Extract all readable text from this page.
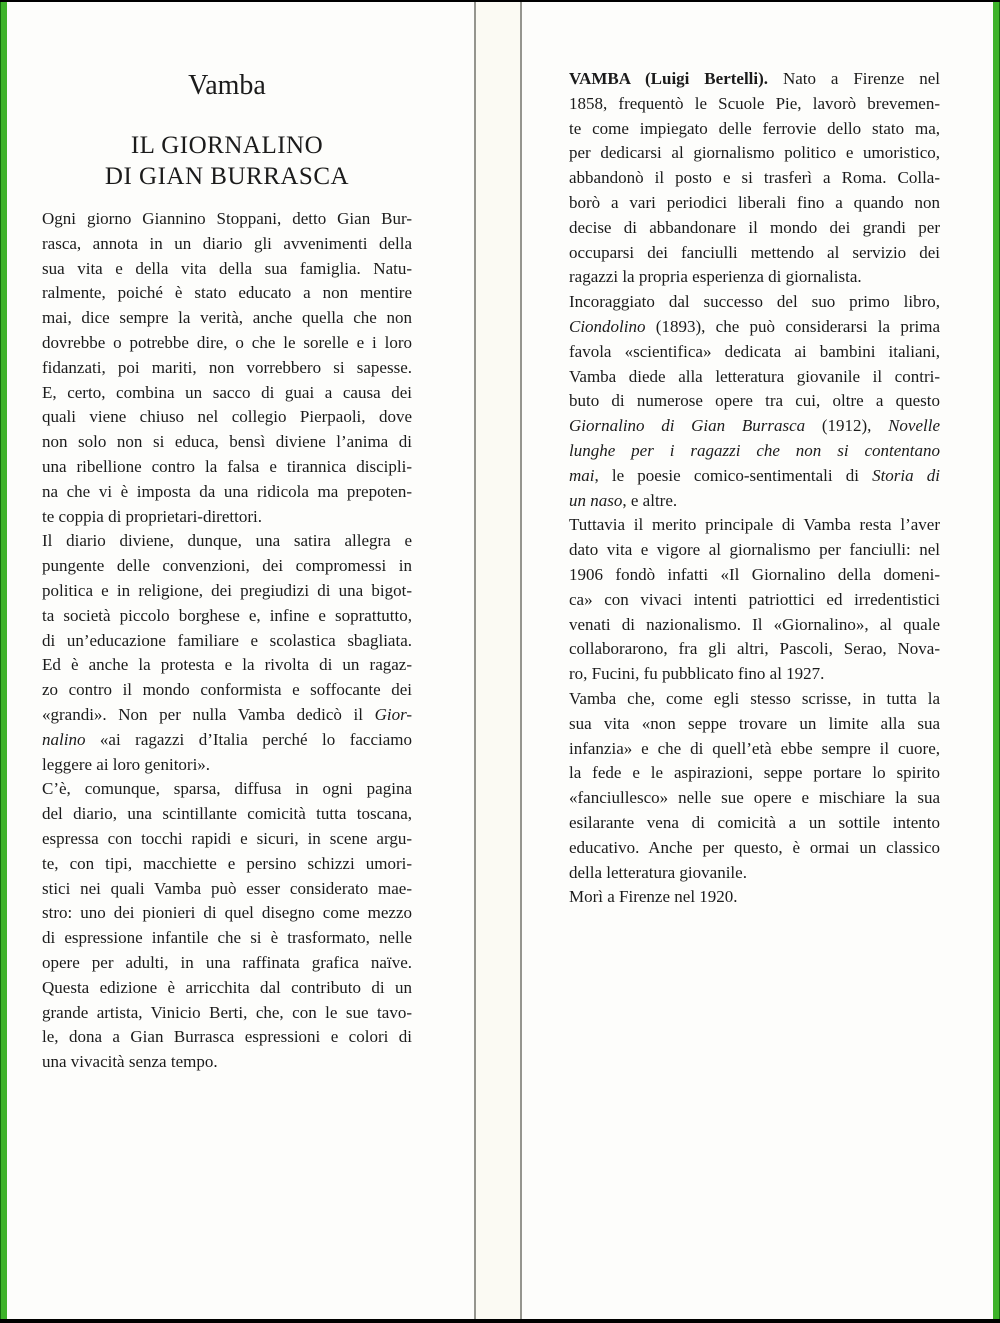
Vamba
IL GIORNALINO
DI GIAN BURRASCA
Ogni giorno Giannino Stoppani, detto Gian Bur-
rasca, annota in un diario gli avvenimenti della
sua vita e della vita della sua famiglia. Natu-
ralmente, poiché è stato educato a non mentire
mai, dice sempre la verità, anche quella che non
dovrebbe o potrebbe dire, o che le sorelle e i loro
fidanzati, poi mariti, non vorrebbero si sapesse.
E, certo, combina un sacco di guai a causa dei
quali viene chiuso nel collegio Pierpaoli, dove
non solo non si educa, bensì diviene l’anima di
una ribellione contro la falsa e tirannica discipli-
na che vi è imposta da una ridicola ma prepoten-
te coppia di proprietari-direttori.
Il diario diviene, dunque, una satira allegra e
pungente delle convenzioni, dei compromessi in
politica e in religione, dei pregiudizi di una bigot-
ta società piccolo borghese e, infine e soprattutto,
di un’educazione familiare e scolastica sbagliata.
Ed è anche la protesta e la rivolta di un ragaz-
zo contro il mondo conformista e soffocante dei
«grandi». Non per nulla Vamba dedicò il Gior-
nalino «ai ragazzi d’Italia perché lo facciamo
leggere ai loro genitori».
C’è, comunque, sparsa, diffusa in ogni pagina
del diario, una scintillante comicità tutta toscana,
espressa con tocchi rapidi e sicuri, in scene argu-
te, con tipi, macchiette e persino schizzi umori-
stici nei quali Vamba può esser considerato mae-
stro: uno dei pionieri di quel disegno come mezzo
di espressione infantile che si è trasformato, nelle
opere per adulti, in una raffinata grafica naïve.
Questa edizione è arricchita dal contributo di un
grande artista, Vinicio Berti, che, con le sue tavo-
le, dona a Gian Burrasca espressioni e colori di
una vivacità senza tempo.
VAMBA (Luigi Bertelli). Nato a Firenze nel
1858, frequentò le Scuole Pie, lavorò brevemen-
te come impiegato delle ferrovie dello stato ma,
per dedicarsi al giornalismo politico e umoristico,
abbandonò il posto e si trasferì a Roma. Colla-
borò a vari periodici liberali fino a quando non
decise di abbandonare il mondo dei grandi per
occuparsi dei fanciulli mettendo al servizio dei
ragazzi la propria esperienza di giornalista.
Incoraggiato dal successo del suo primo libro,
Ciondolino (1893), che può considerarsi la prima
favola «scientifica» dedicata ai bambini italiani,
Vamba diede alla letteratura giovanile il contri-
buto di numerose opere tra cui, oltre a questo
Giornalino di Gian Burrasca (1912), Novelle
lunghe per i ragazzi che non si contentano
mai, le poesie comico-sentimentali di Storia di
un naso, e altre.
Tuttavia il merito principale di Vamba resta l’aver
dato vita e vigore al giornalismo per fanciulli: nel
1906 fondò infatti «Il Giornalino della domeni-
ca» con vivaci intenti patriottici ed irredentistici
venati di nazionalismo. Il «Giornalino», al quale
collaborarono, fra gli altri, Pascoli, Serao, Nova-
ro, Fucini, fu pubblicato fino al 1927.
Vamba che, come egli stesso scrisse, in tutta la
sua vita «non seppe trovare un limite alla sua
infanzia» e che di quell’età ebbe sempre il cuore,
la fede e le aspirazioni, seppe portare lo spirito
«fanciullesco» nelle sue opere e mischiare la sua
esilarante vena di comicità a un sottile intento
educativo. Anche per questo, è ormai un classico
della letteratura giovanile.
Morì a Firenze nel 1920.
